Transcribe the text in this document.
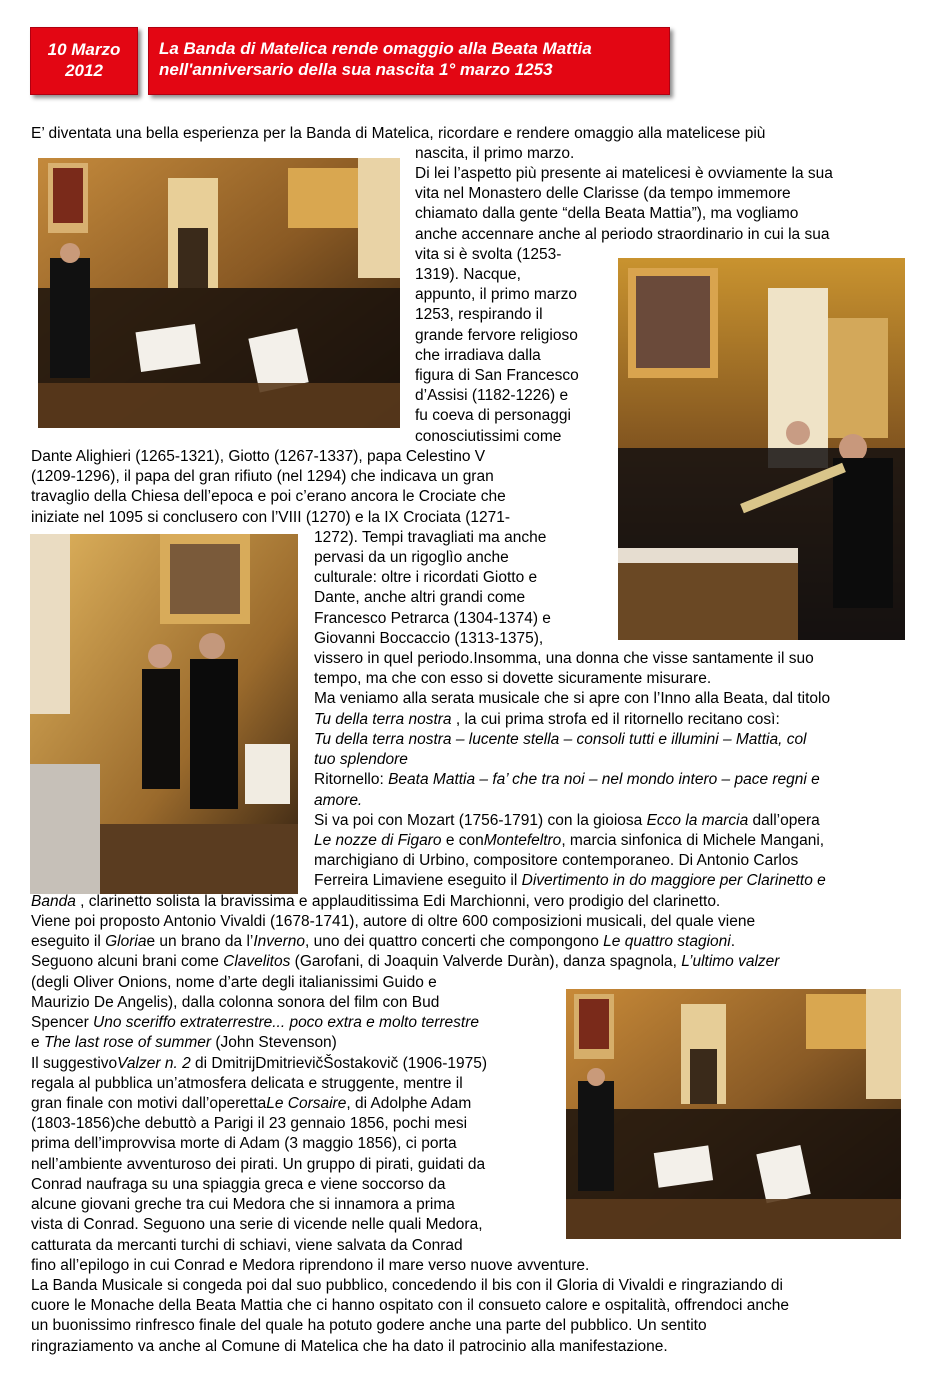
10 Marzo
2012
La Banda di Matelica rende omaggio alla Beata Mattia
nell'anniversario della sua nascita 1° marzo 1253
E’ diventata una bella esperienza per la Banda di Matelica, ricordare e rendere omaggio alla matelicese più
nascita, il primo marzo.
Di lei l’aspetto più presente ai matelicesi è ovviamente la sua
vita nel Monastero delle Clarisse (da tempo immemore
chiamato dalla gente “della Beata Mattia”), ma vogliamo
anche accennare anche al periodo straordinario in cui la sua
vita si è svolta (1253-
1319). Nacque,
appunto, il primo marzo
1253, respirando il
grande fervore religioso
che irradiava dalla
figura di San Francesco
d’Assisi (1182-1226) e
fu coeva di personaggi
conosciutissimi come
Dante Alighieri (1265-1321), Giotto (1267-1337), papa Celestino V
(1209-1296), il papa del gran rifiuto (nel 1294) che indicava un gran
travaglio della Chiesa dell’epoca e poi c’erano ancora le Crociate che
iniziate nel 1095 si conclusero con l’VIII (1270) e la IX Crociata (1271-
1272). Tempi travagliati ma anche
pervasi da un rigoglìo anche
culturale: oltre i ricordati Giotto e
Dante, anche altri grandi come
Francesco Petrarca (1304-1374) e
Giovanni Boccaccio (1313-1375),
vissero in quel periodo.Insomma, una donna che visse santamente il suo
tempo, ma che con esso si dovette sicuramente misurare.
Ma veniamo alla serata musicale che si apre con l’Inno alla Beata, dal titolo
Tu della terra nostra , la cui prima strofa ed il ritornello recitano così:
Tu della terra nostra – lucente stella – consoli tutti e illumini – Mattia, col
tuo splendore
Ritornello: Beata Mattia – fa’ che tra noi – nel mondo intero – pace regni e
amore.
Si va poi con Mozart (1756-1791) con la gioiosa Ecco la marcia dall’opera
Le nozze di Figaro e conMontefeltro, marcia sinfonica di Michele Mangani,
marchigiano di Urbino, compositore contemporaneo. Di Antonio Carlos
Ferreira Limaviene eseguito il Divertimento in do maggiore per Clarinetto e
Banda , clarinetto solista la bravissima e applauditissima Edi Marchionni, vero prodigio del clarinetto.
Viene poi proposto Antonio Vivaldi (1678-1741), autore di oltre 600 composizioni musicali, del quale viene
eseguito il Gloriae un brano da l’Inverno, uno dei quattro concerti che compongono Le quattro stagioni.
Seguono alcuni brani come Clavelitos (Garofani, di Joaquin Valverde Duràn), danza spagnola, L’ultimo valzer
(degli Oliver Onions, nome d’arte degli italianissimi Guido e
Maurizio De Angelis), dalla colonna sonora del film con Bud
Spencer Uno sceriffo extraterrestre... poco extra e molto terrestre
e The last rose of summer (John Stevenson)
Il suggestivoValzer n. 2 di DmitrijDmitrievičŠostakovič (1906-1975)
regala al pubblica un’atmosfera delicata e struggente, mentre il
gran finale con motivi dall’operettaLe Corsaire, di Adolphe Adam
(1803-1856)che debuttò a Parigi il 23 gennaio 1856, pochi mesi
prima dell’improvvisa morte di Adam (3 maggio 1856), ci porta
nell’ambiente avventuroso dei pirati. Un gruppo di pirati, guidati da
Conrad naufraga su una spiaggia greca e viene soccorso da
alcune giovani greche tra cui Medora che si innamora a prima
vista di Conrad. Seguono una serie di vicende nelle quali Medora,
catturata da mercanti turchi di schiavi, viene salvata da Conrad
fino all’epilogo in cui Conrad e Medora riprendono il mare verso nuove avventure.
La Banda Musicale si congeda poi dal suo pubblico, concedendo il bis con il Gloria di Vivaldi e ringraziando di
cuore le Monache della Beata Mattia che ci hanno ospitato con il consueto calore e ospitalità, offrendoci anche
un buonissimo rinfresco finale del quale ha potuto godere anche una parte del pubblico. Un sentito
ringraziamento va anche al Comune di Matelica che ha dato il patrocinio alla manifestazione.
